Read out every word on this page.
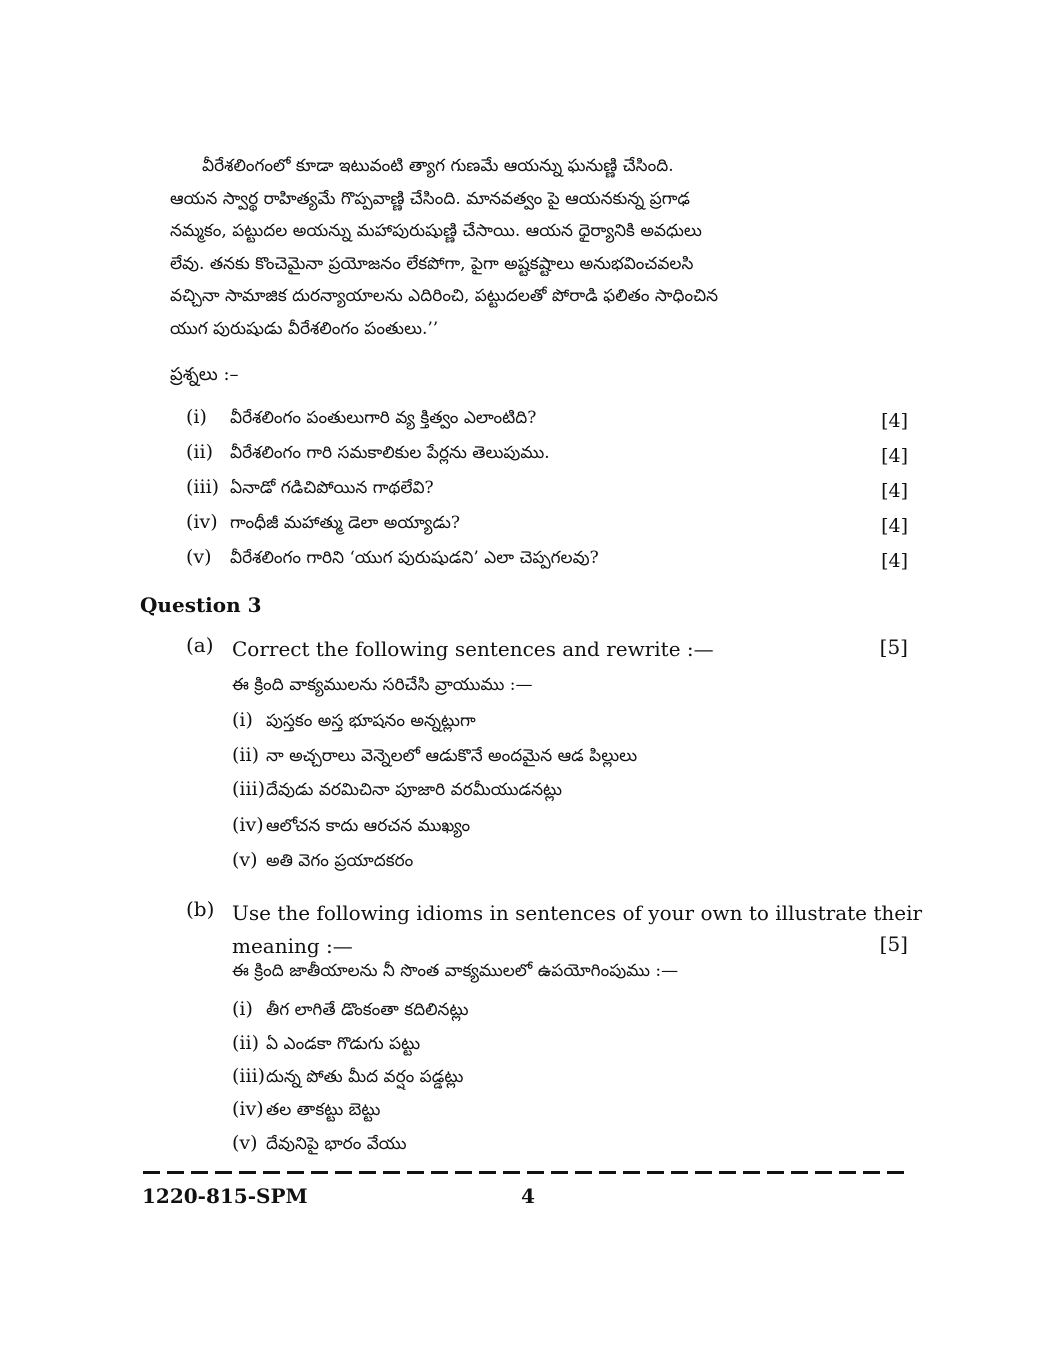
వీరేశలింగంలో కూడా ఇటువంటి త్యాగ గుణమే ఆయన్ను ఘనుణ్ణి చేసింది.
ఆయన స్వార్థ రాహిత్యమే గొప్పవాణ్ణి చేసింది. మానవత్వం పై ఆయనకున్న ప్రగాఢ
నమ్మకం, పట్టుదల అయన్ను మహాపురుషుణ్ణి చేసాయి. ఆయన ధైర్యానికి అవధులు
లేవు. తనకు కొంచెమైనా ప్రయోజనం లేకపోగా, పైగా అష్టకష్టాలు అనుభవించవలసి
వచ్చినా సామాజిక దురన్యాయాలను ఎదిరించి, పట్టుదలతో పోరాడి ఫలితం సాధించిన
యుగ పురుషుడు వీరేశలింగం పంతులు.’’
ప్రశ్నలు :–
(i) వీరేశలింగం పంతులుగారి వ్య క్తిత్వం ఎలాంటిది?	[4]
(ii) వీరేశలింగం గారి సమకాలికుల పేర్లను తెలుపుము.	[4]
(iii) ఏనాడో గడిచిపోయిన గాథలేవి?	[4]
(iv) గాంధీజీ మహాత్ము డెలా అయ్యాడు?	[4]
(v) వీరేశలింగం గారిని ‘యుగ పురుషుడని’ ఎలా చెప్పగలవు?	[4]
Question 3
(a) Correct the following sentences and rewrite :—	[5]
ఈ క్రింది వాక్యములను సరిచేసి వ్రాయుము :—
(i) పుస్తకం అస్త భూషనం అన్నట్లుగా
(ii) నా అచ్చరాలు వెన్నెలలో ఆడుకొనే అందమైన ఆడ పిల్లులు
(iii)దేవుడు వరమిచినా పూజారి వరమీయుడనట్లు
(iv) ఆలోచన కాదు ఆరచన ముఖ్యం
(v) అతి వెగం ప్రయాదకరం
(b) Use the following idioms in sentences of your own to illustrate their
meaning :—	[5]
ఈ క్రింది జాతీయాలను నీ సొంత వాక్యములలో ఉపయోగింపుము :—
(i) తీగ లాగితే డొంకంతా కదిలినట్లు
(ii) ఏ ఎండకా గొడుగు పట్టు
(iii)దున్న పోతు మీద వర్షం పడ్డట్లు
(iv) తల తాకట్టు బెట్టు
(v) దేవునిపై భారం వేయు
1220-815-SPM	4
